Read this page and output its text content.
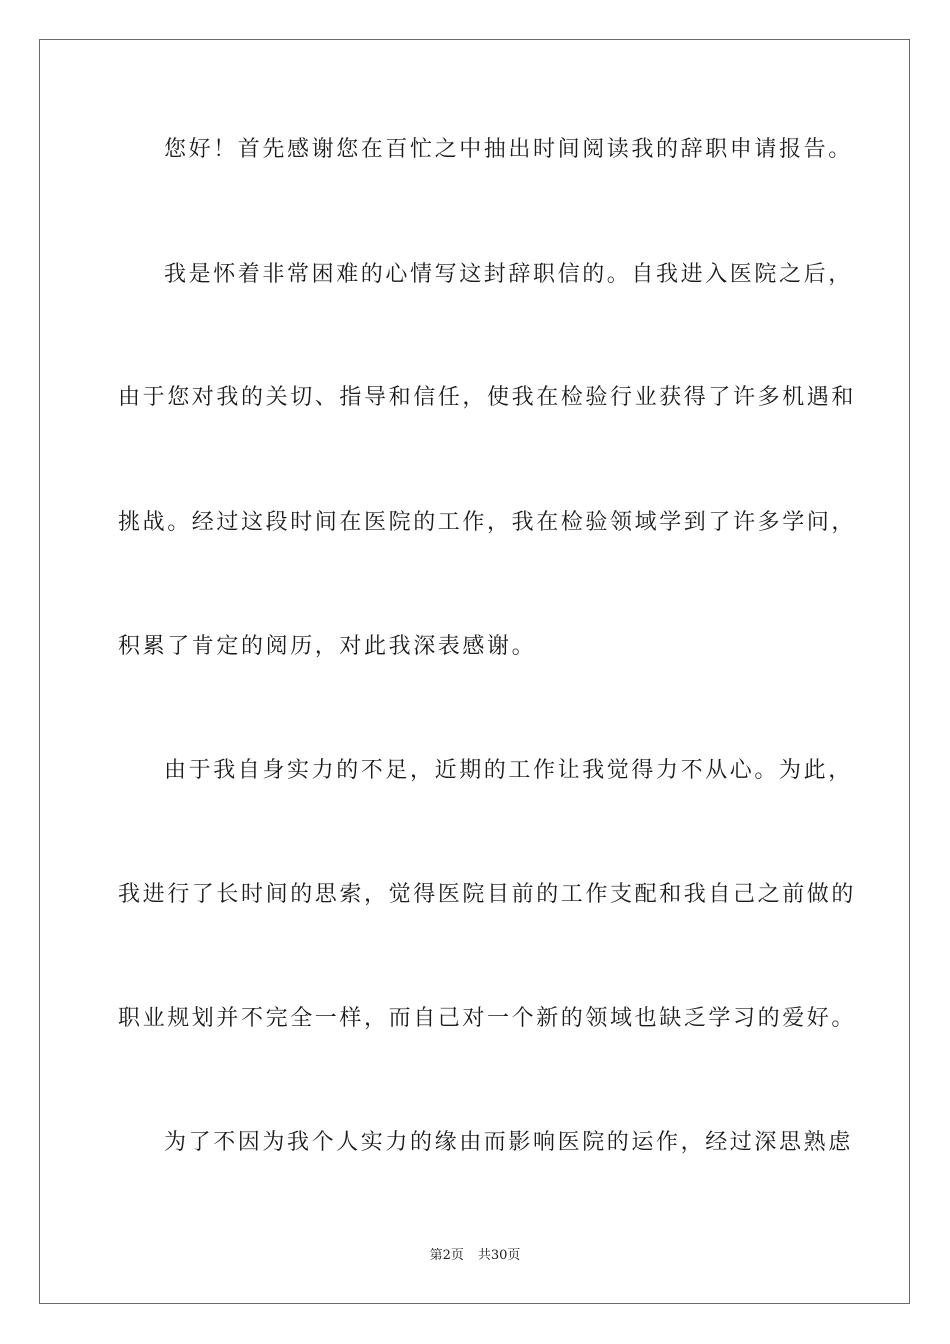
您好！首先感谢您在百忙之中抽出时间阅读我的辞职申请报告。
我是怀着非常困难的心情写这封辞职信的。自我进入医院之后，
由于您对我的关切、指导和信任，使我在检验行业获得了许多机遇和
挑战。经过这段时间在医院的工作，我在检验领域学到了许多学问，
积累了肯定的阅历，对此我深表感谢。
由于我自身实力的不足，近期的工作让我觉得力不从心。为此，
我进行了长时间的思索，觉得医院目前的工作支配和我自己之前做的
职业规划并不完全一样，而自己对一个新的领域也缺乏学习的爱好。
为了不因为我个人实力的缘由而影响医院的运作，经过深思熟虑
第2页 共30页
